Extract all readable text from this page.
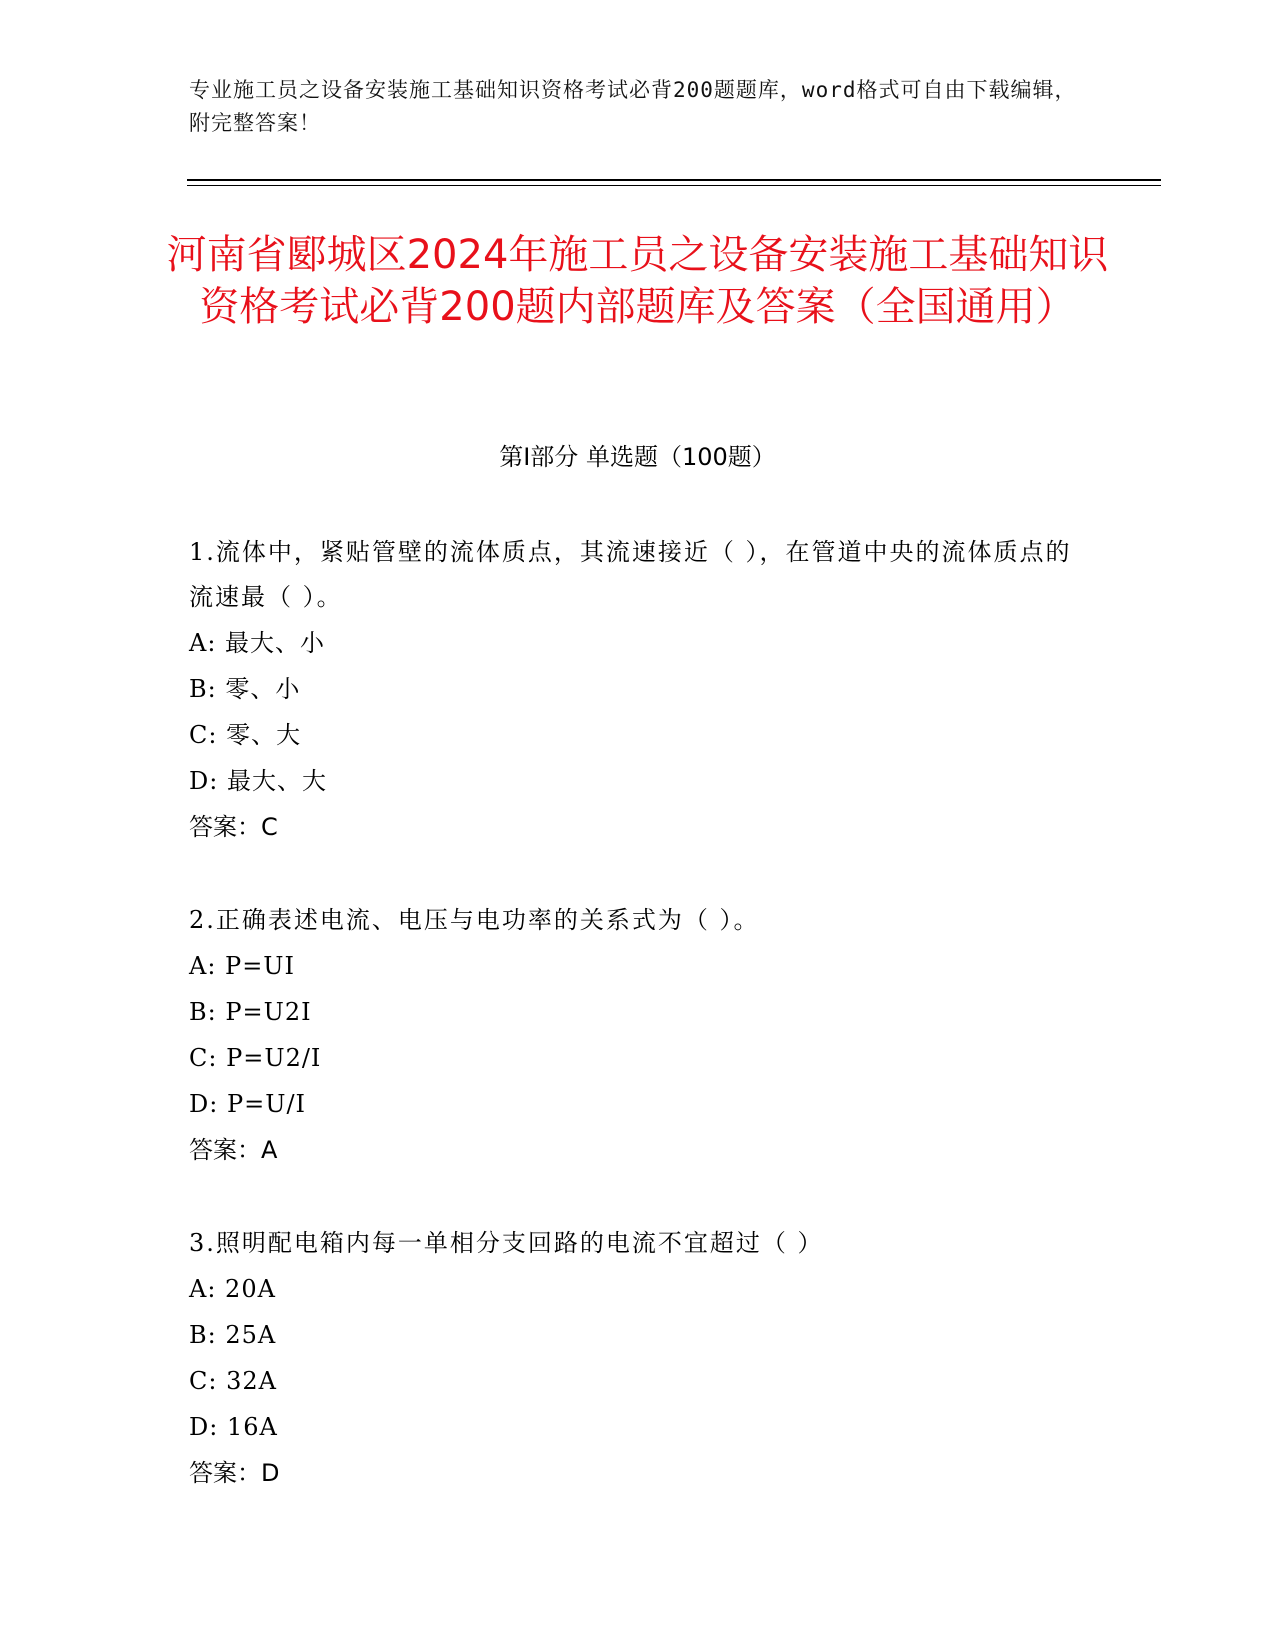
专业施工员之设备安装施工基础知识资格考试必背200题题库，word格式可自由下载编辑，附完整答案！
河南省郾城区2024年施工员之设备安装施工基础知识资格考试必背200题内部题库及答案（全国通用）
第I部分 单选题（100题）

1.流体中，紧贴管壁的流体质点，其流速接近（ ），在管道中央的流体质点的流速最（ ）。

A: 最大、小

B: 零、小

C: 零、大

D: 最大、大

答案：C

2.正确表述电流、电压与电功率的关系式为（ ）。

A: P=UI

B: P=U2I

C: P=U2/I

D: P=U/I

答案：A

3.照明配电箱内每一单相分支回路的电流不宜超过（ ）

A: 20A

B: 25A

C: 32A

D: 16A

答案：D
